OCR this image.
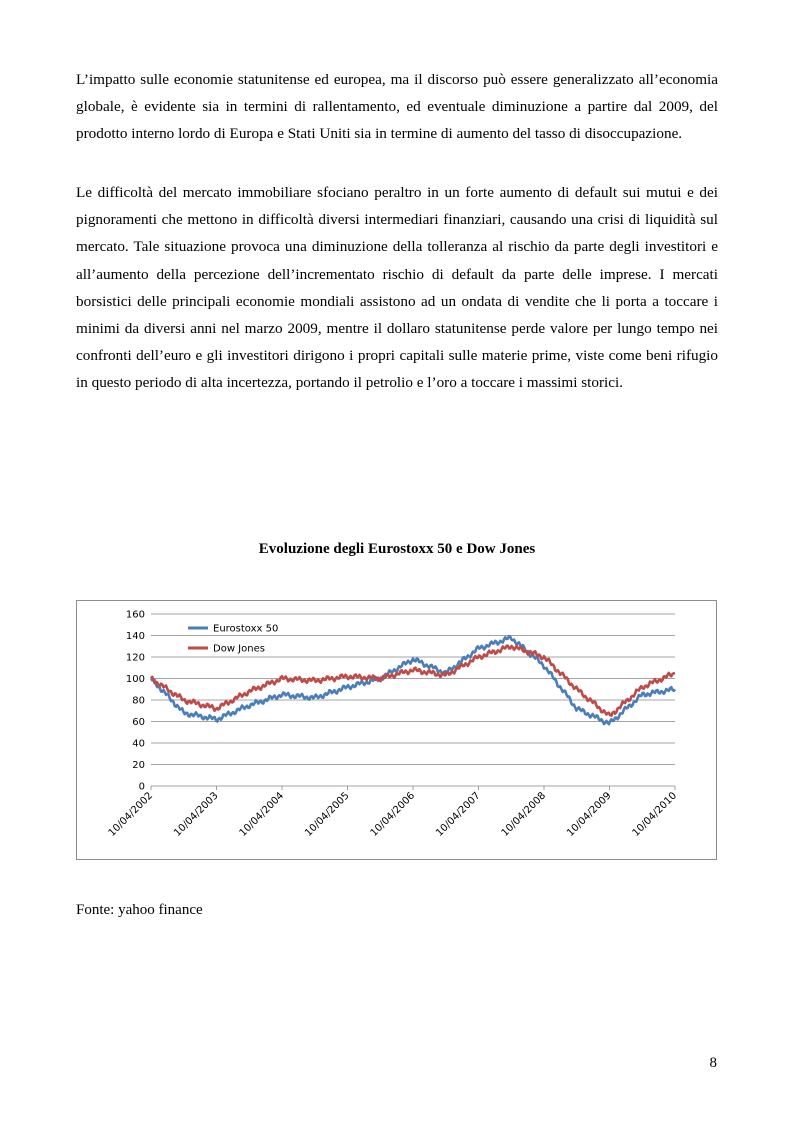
L’impatto sulle economie statunitense ed europea, ma il discorso può essere generalizzato all’economia globale, è evidente sia in termini di rallentamento, ed eventuale diminuzione a partire dal 2009, del prodotto interno lordo di Europa e Stati Uniti sia in termine di aumento del tasso di disoccupazione.

Le difficoltà del mercato immobiliare sfociano peraltro in un forte aumento di default sui mutui e dei pignoramenti che mettono in difficoltà diversi intermediari finanziari, causando una crisi di liquidità sul mercato. Tale situazione provoca una diminuzione della tolleranza al rischio da parte degli investitori e all’aumento della percezione dell’incrementato rischio di default da parte delle imprese. I mercati borsistici delle principali economie mondiali assistono ad un ondata di vendite che li porta a toccare i minimi da diversi anni nel marzo 2009, mentre il dollaro statunitense perde valore per lungo tempo nei confronti dell’euro e gli investitori dirigono i propri capitali sulle materie prime, viste come beni rifugio in questo periodo di alta incertezza, portando il petrolio e l’oro a toccare i massimi storici.

Evoluzione degli Eurostoxx 50 e Dow Jones
0
20
40
60
80
100
120
140
160
10/04/2002 10/04/2003 10/04/2004 10/04/2005 10/04/2006 10/04/2007 10/04/2008 10/04/2009 10/04/2010
Eurostoxx 50
Dow Jones
Fonte: yahoo finance
8
